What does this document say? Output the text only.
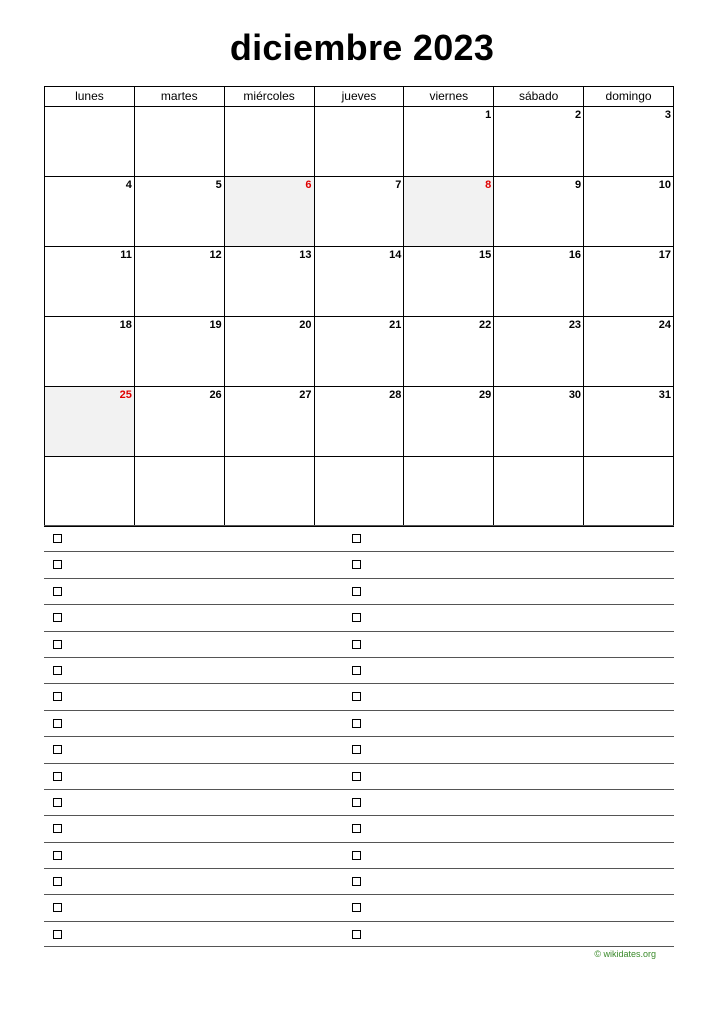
diciembre 2023
lunes	martes	miércoles	jueves	viernes	sábado	domingo
				1	2	3
4	5	6	7	8	9	10
11	12	13	14	15	16	17
18	19	20	21	22	23	24
25	26	27	28	29	30	31

© wikidates.org
